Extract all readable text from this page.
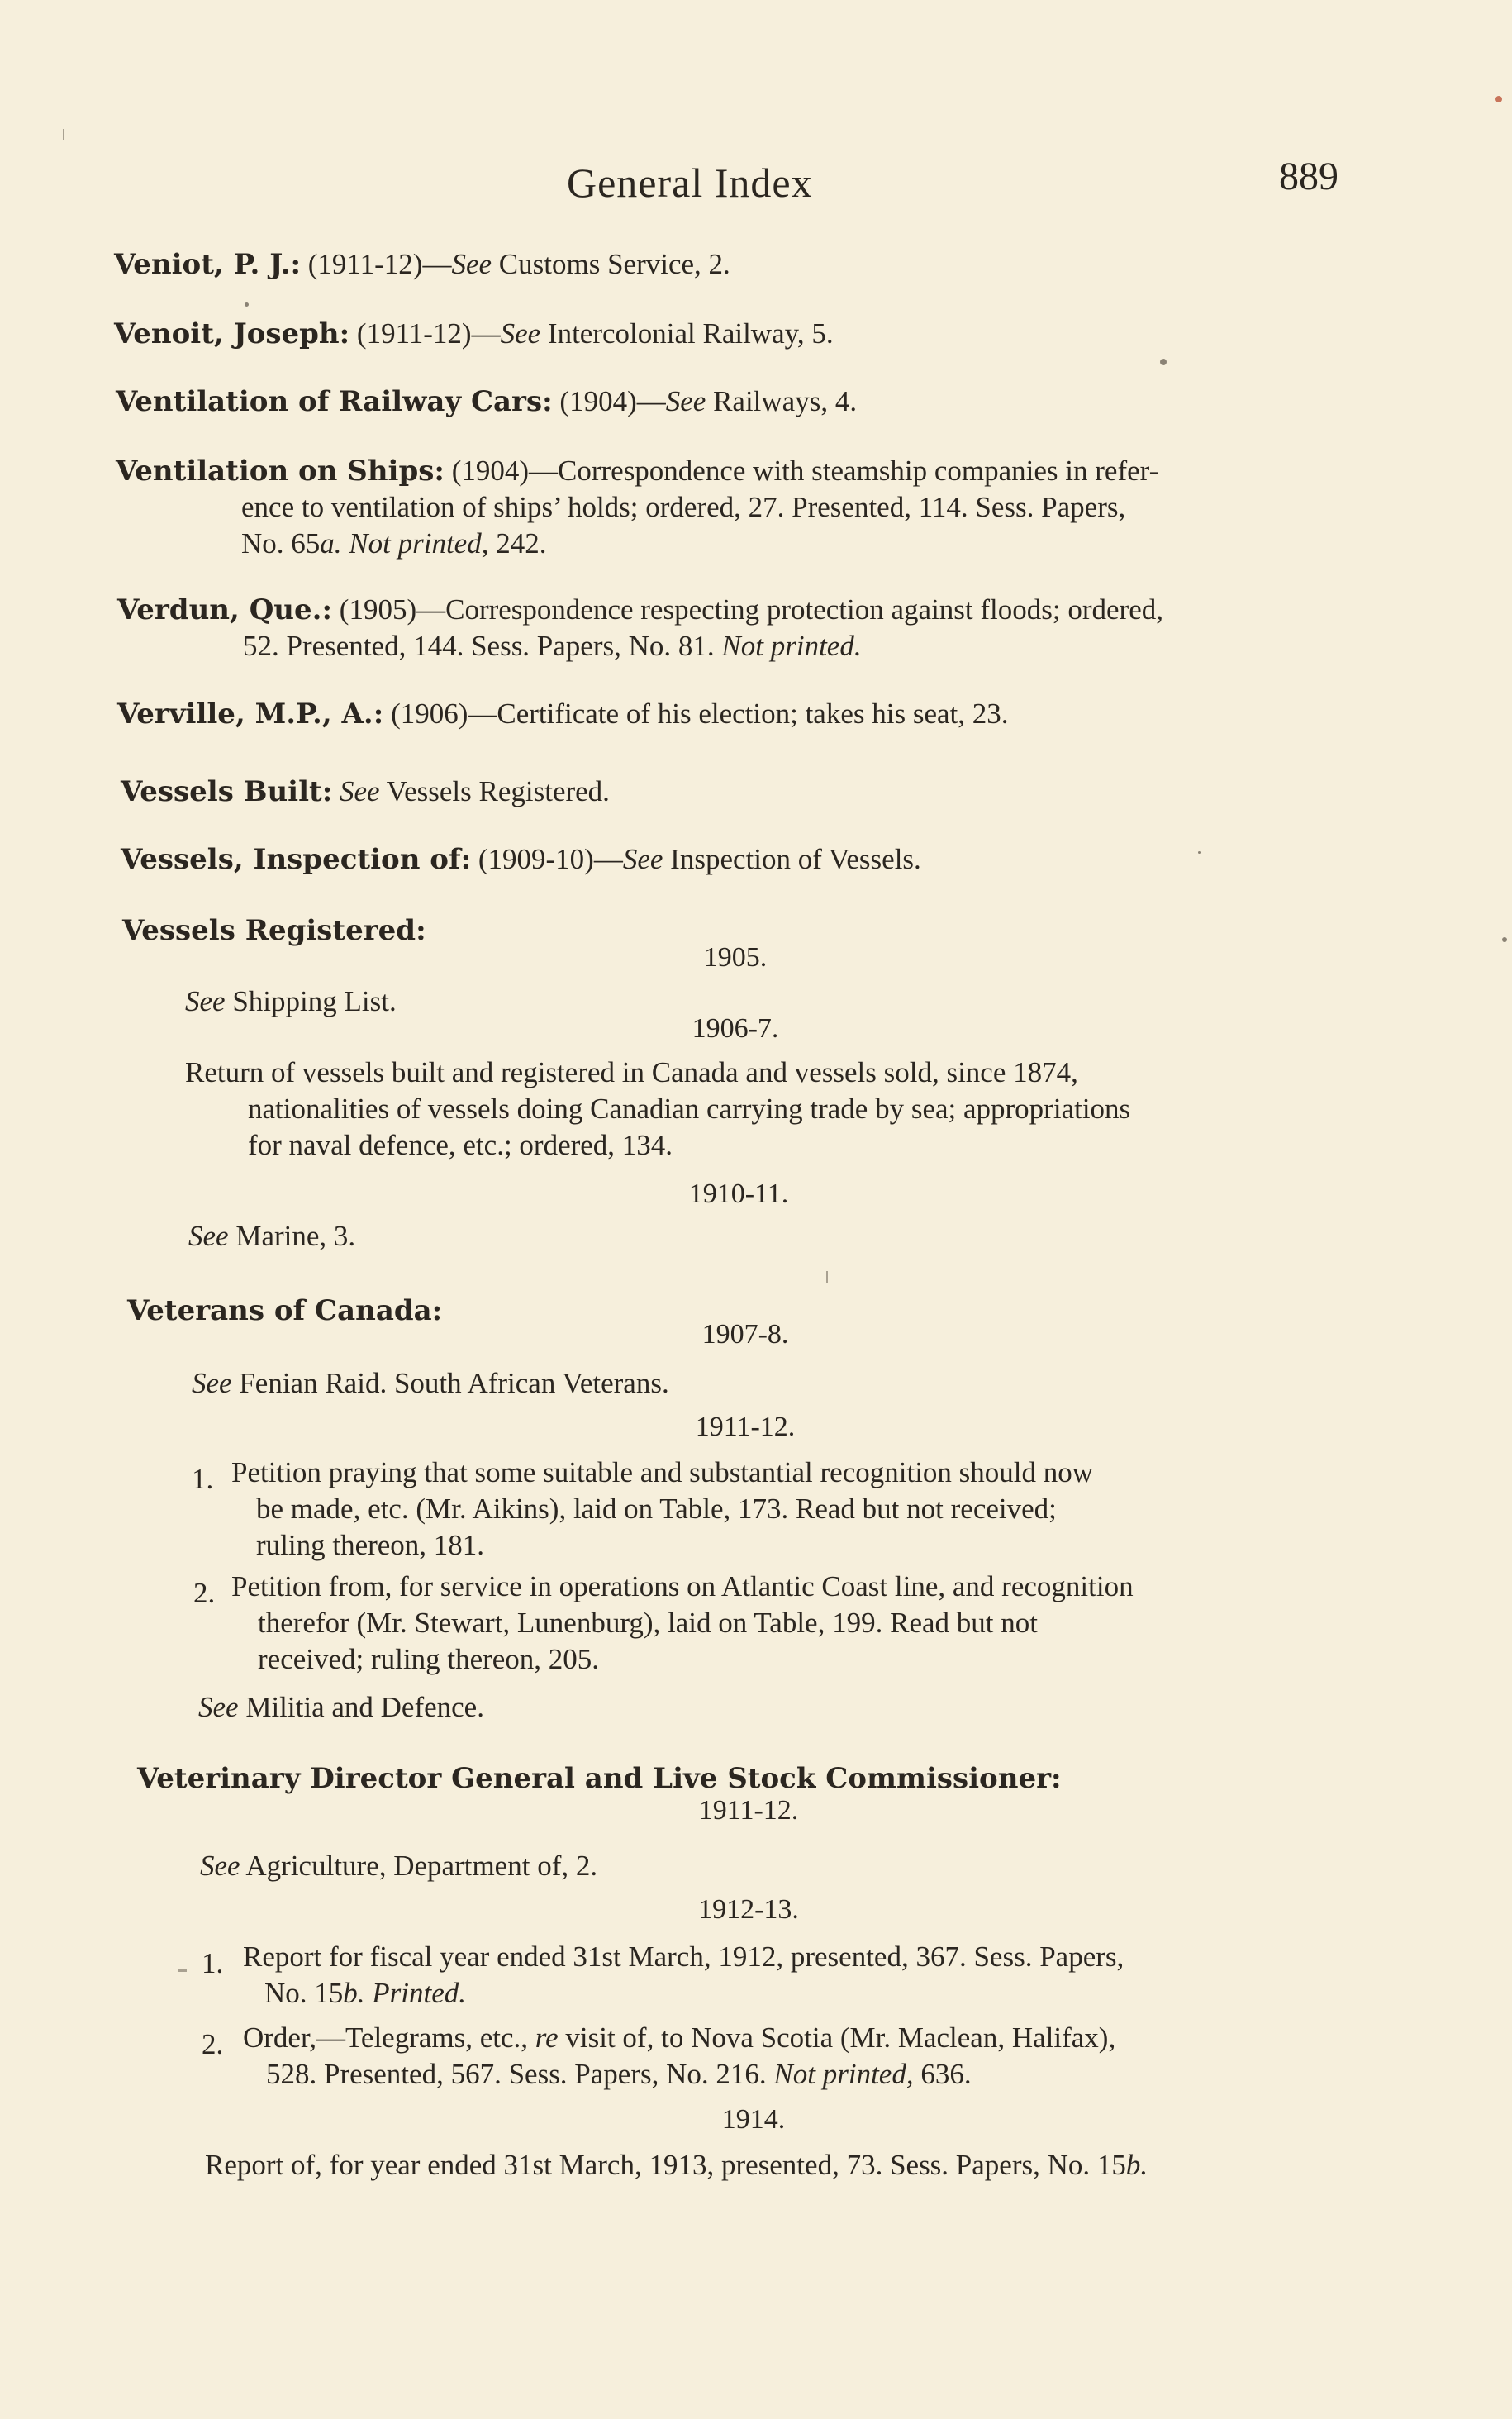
General Index	889
Veniot, P. J.: (1911-12)—See Customs Service, 2.
Venoit, Joseph: (1911-12)—See Intercolonial Railway, 5.
Ventilation of Railway Cars: (1904)—See Railways, 4.
Ventilation on Ships: (1904)—Correspondence with steamship companies in refer-
ence to ventilation of ships’ holds; ordered, 27. Presented, 114. Sess. Papers,
No. 65a. Not printed, 242.
Verdun, Que.: (1905)—Correspondence respecting protection against floods; ordered,
52. Presented, 144. Sess. Papers, No. 81. Not printed.
Verville, M.P., A.: (1906)—Certificate of his election; takes his seat, 23.
Vessels Built: See Vessels Registered.
Vessels, Inspection of: (1909-10)—See Inspection of Vessels.
Vessels Registered:
1905.
See Shipping List.
1906-7.
Return of vessels built and registered in Canada and vessels sold, since 1874,
nationalities of vessels doing Canadian carrying trade by sea; appropriations
for naval defence, etc.; ordered, 134.
1910-11.
See Marine, 3.
Veterans of Canada:
1907-8.
See Fenian Raid. South African Veterans.
1911-12.
1. Petition praying that some suitable and substantial recognition should now
be made, etc. (Mr. Aikins), laid on Table, 173. Read but not received;
ruling thereon, 181.
2. Petition from, for service in operations on Atlantic Coast line, and recognition
therefor (Mr. Stewart, Lunenburg), laid on Table, 199. Read but not
received; ruling thereon, 205.
See Militia and Defence.
Veterinary Director General and Live Stock Commissioner:
1911-12.
See Agriculture, Department of, 2.
1912-13.
1. Report for fiscal year ended 31st March, 1912, presented, 367. Sess. Papers,
No. 15b. Printed.
2. Order,—Telegrams, etc., re visit of, to Nova Scotia (Mr. Maclean, Halifax),
528. Presented, 567. Sess. Papers, No. 216. Not printed, 636.
1914.
Report of, for year ended 31st March, 1913, presented, 73. Sess. Papers, No. 15b.
